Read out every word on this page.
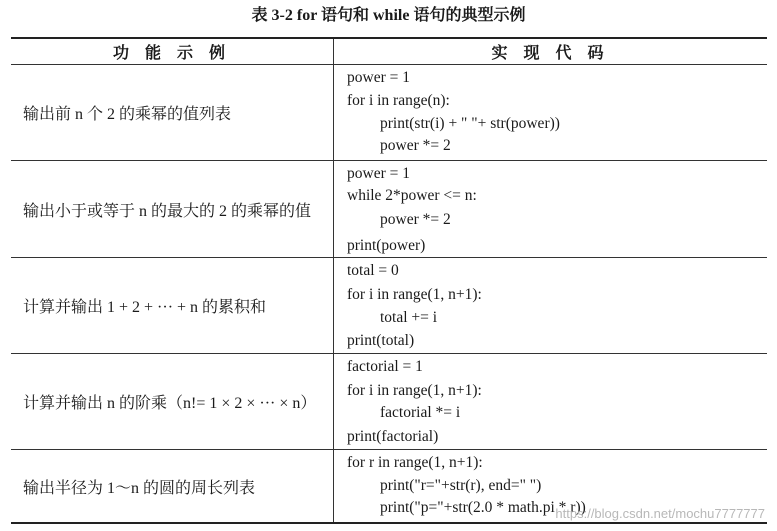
表 3-2 for 语句和 while 语句的典型示例
功 能 示 例	实 现 代 码
输出前 n 个 2 的乘幂的值列表
power = 1
for i in range(n):
print(str(i) + " "+ str(power))
power *= 2
输出小于或等于 n 的最大的 2 的乘幂的值
power = 1
while 2*power <= n:
power *= 2
print(power)
计算并输出 1 + 2 + ··· + n 的累积和
total = 0
for i in range(1, n+1):
total += i
print(total)
计算并输出 n 的阶乘（n!= 1 × 2 × ··· × n）
factorial = 1
for i in range(1, n+1):
factorial *= i
print(factorial)
输出半径为 1～n 的圆的周长列表
for r in range(1, n+1):
print("r="+str(r), end=" ")
print("p="+str(2.0 * math.pi * r))
https://blog.csdn.net/mochu7777777
